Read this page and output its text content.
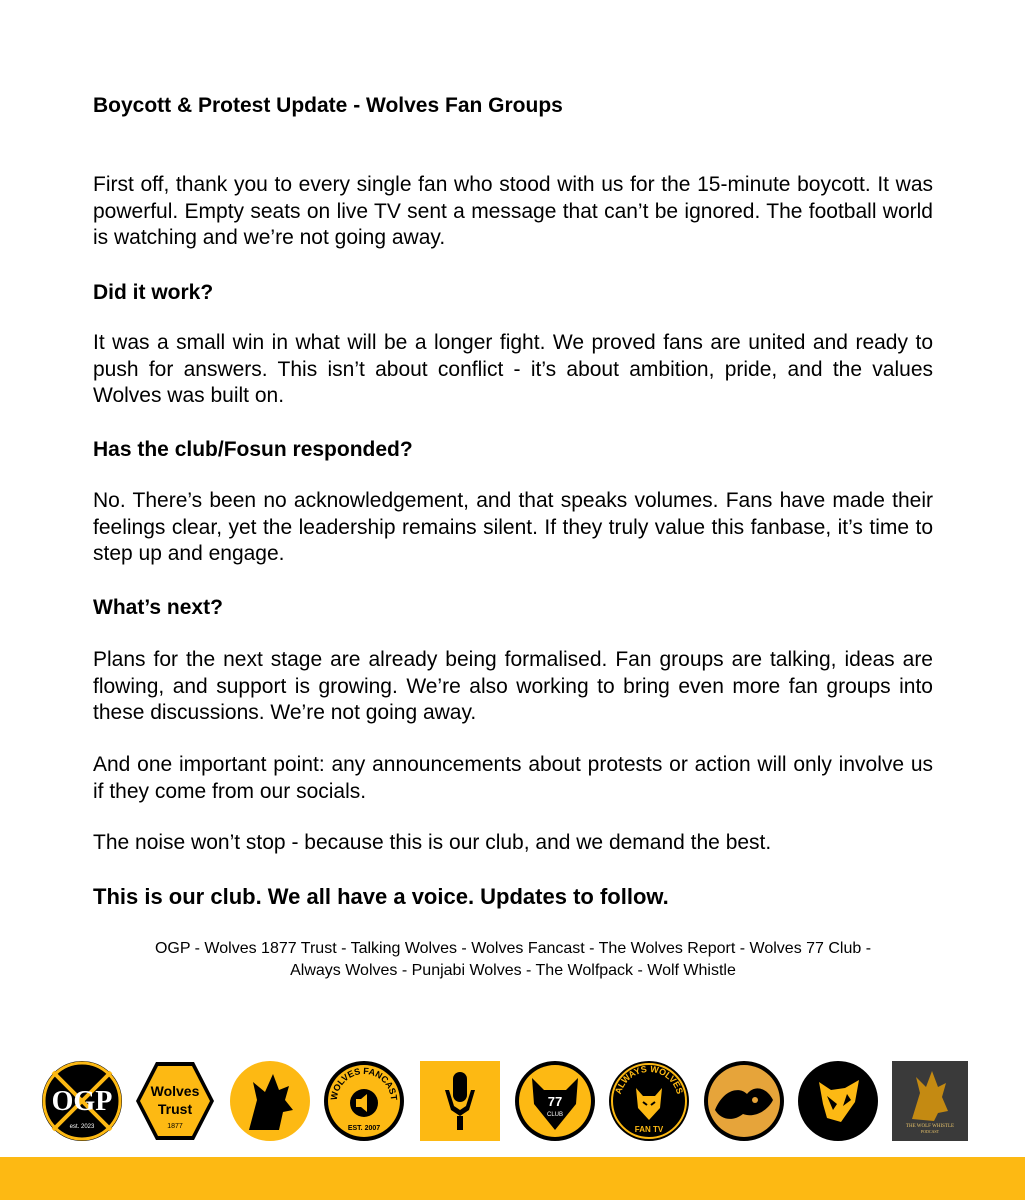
Boycott & Protest Update - Wolves Fan Groups

First off, thank you to every single fan who stood with us for the 15-minute boycott. It was powerful. Empty seats on live TV sent a message that can’t be ignored. The football world is watching and we’re not going away.

Did it work?

It was a small win in what will be a longer fight. We proved fans are united and ready to push for answers. This isn’t about conflict - it’s about ambition, pride, and the values Wolves was built on.

Has the club/Fosun responded?

No. There’s been no acknowledgement, and that speaks volumes. Fans have made their feelings clear, yet the leadership remains silent. If they truly value this fanbase, it’s time to step up and engage.

What’s next?

Plans for the next stage are already being formalised. Fan groups are talking, ideas are flowing, and support is growing. We’re also working to bring even more fan groups into these discussions. We’re not going away.

And one important point: any announcements about protests or action will only involve us if they come from our socials.

The noise won’t stop - because this is our club, and we demand the best.

This is our club. We all have a voice. Updates to follow.
OGP - Wolves 1877 Trust - Talking Wolves - Wolves Fancast - The Wolves Report - Wolves 77 Club -
Always Wolves - Punjabi Wolves - The Wolfpack - Wolf Whistle
OGP
est. 2023
Wolves
Trust
1877
WOLVES FANCAST
EST. 2007
77
CLUB
ALWAYS WOLVES
FAN TV	THE WOLF WHISTLE
PODCAST
